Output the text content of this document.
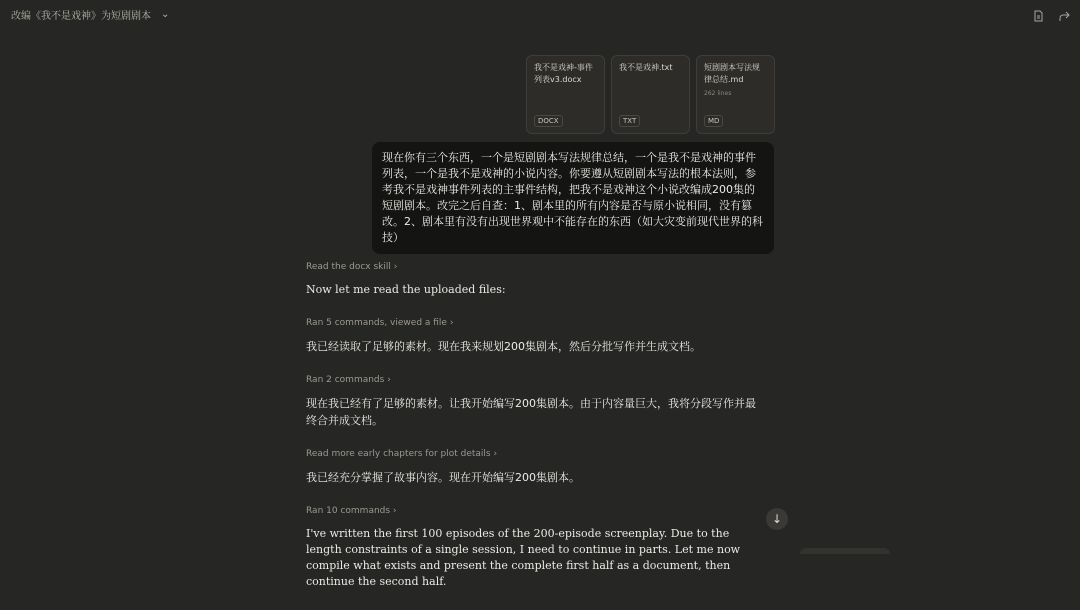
改编《我不是戏神》为短剧剧本 ⌄
我不是戏神-事件列表v3.docx
DOCX
我不是戏神.txt
TXT
短剧剧本写法规律总结.md
262 lines
MD
现在你有三个东西，一个是短剧剧本写法规律总结，一个是我不是戏神的事件列表，一个是我不是戏神的小说内容。你要遵从短剧剧本写法的根本法则，参考我不是戏神事件列表的主事件结构，把我不是戏神这个小说改编成200集的短剧剧本。改完之后自查：1、剧本里的所有内容是否与原小说相同，没有篡改。2、剧本里有没有出现世界观中不能存在的东西（如大灾变前现代世界的科技）
Read the docx skill ›
Now let me read the uploaded files:
Ran 5 commands, viewed a file ›
我已经读取了足够的素材。现在我来规划200集剧本，然后分批写作并生成文档。
Ran 2 commands ›
现在我已经有了足够的素材。让我开始编写200集剧本。由于内容量巨大，我将分段写作并最终合并成文档。
Read more early chapters for plot details ›
我已经充分掌握了故事内容。现在开始编写200集剧本。
Ran 10 commands ›
I've written the first 100 episodes of the 200-episode screenplay. Due to the length constraints of a single session, I need to continue in parts. Let me now compile what exists and present the complete first half as a document, then continue the second half.
↓
